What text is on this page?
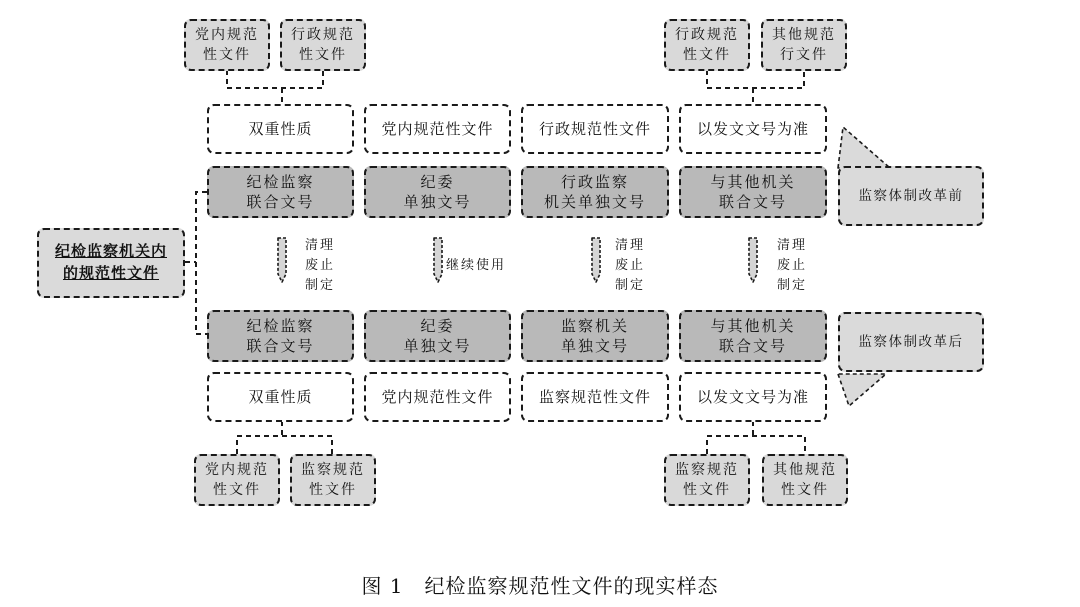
纪检监察机关内
的规范性文件
党内规范
性文件
行政规范
性文件
行政规范
性文件
其他规范
行文件
双重性质	党内规范性文件	行政规范性文件	以发文文号为准
纪检监察
联合文号
纪委
单独文号
行政监察
机关单独文号
与其他机关
联合文号	监察体制改革前
清理
废止
制定
继续使用
清理
废止
制定
清理
废止
制定
纪检监察
联合文号
纪委
单独文号
监察机关
单独文号
与其他机关
联合文号	监察体制改革后
双重性质	党内规范性文件	监察规范性文件	以发文文号为准
党内规范
性文件
监察规范
性文件
监察规范
性文件
其他规范
性文件
图 1　纪检监察规范性文件的现实样态
